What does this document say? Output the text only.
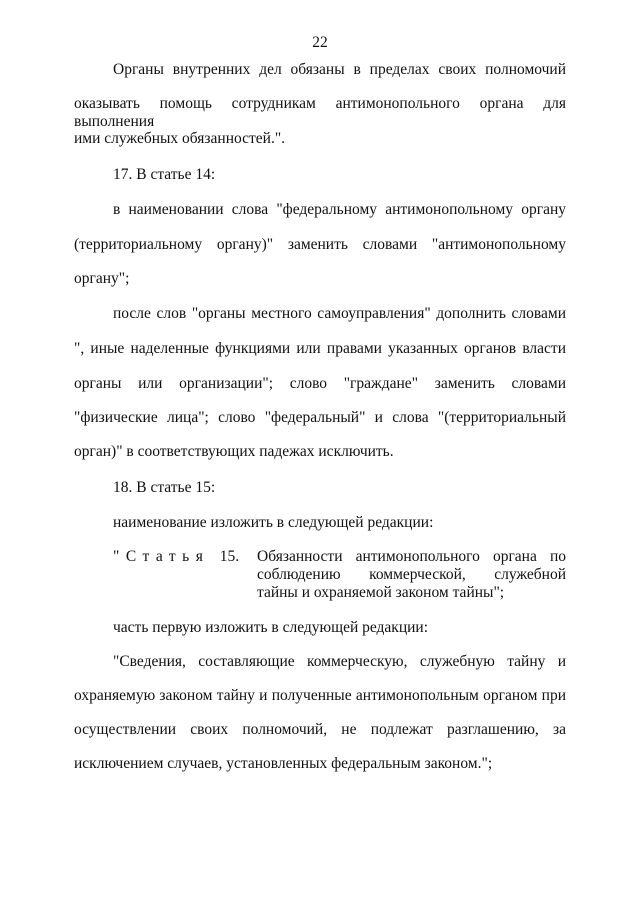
22
Органы внутренних дел обязаны в пределах своих полномочий
оказывать помощь сотрудникам антимонопольного органа для выполнения
ими служебных обязанностей.".
17. В статье 14:
в наименовании слова "федеральному антимонопольному органу
(территориальному органу)" заменить словами "антимонопольному
органу";
после слов "органы местного самоуправления" дополнить словами
", иные наделенные функциями или правами указанных органов власти
органы или организации"; слово "граждане" заменить словами
"физические лица"; слово "федеральный" и слова "(территориальный
орган)" в соответствующих падежах исключить.
18. В статье 15:
наименование изложить в следующей редакции:
"Статья 15. Обязанности антимонопольного органа по
соблюдению коммерческой, служебной
тайны и охраняемой законом тайны";
часть первую изложить в следующей редакции:
"Сведения, составляющие коммерческую, служебную тайну и
охраняемую законом тайну и полученные антимонопольным органом при
осуществлении своих полномочий, не подлежат разглашению, за
исключением случаев, установленных федеральным законом.";
